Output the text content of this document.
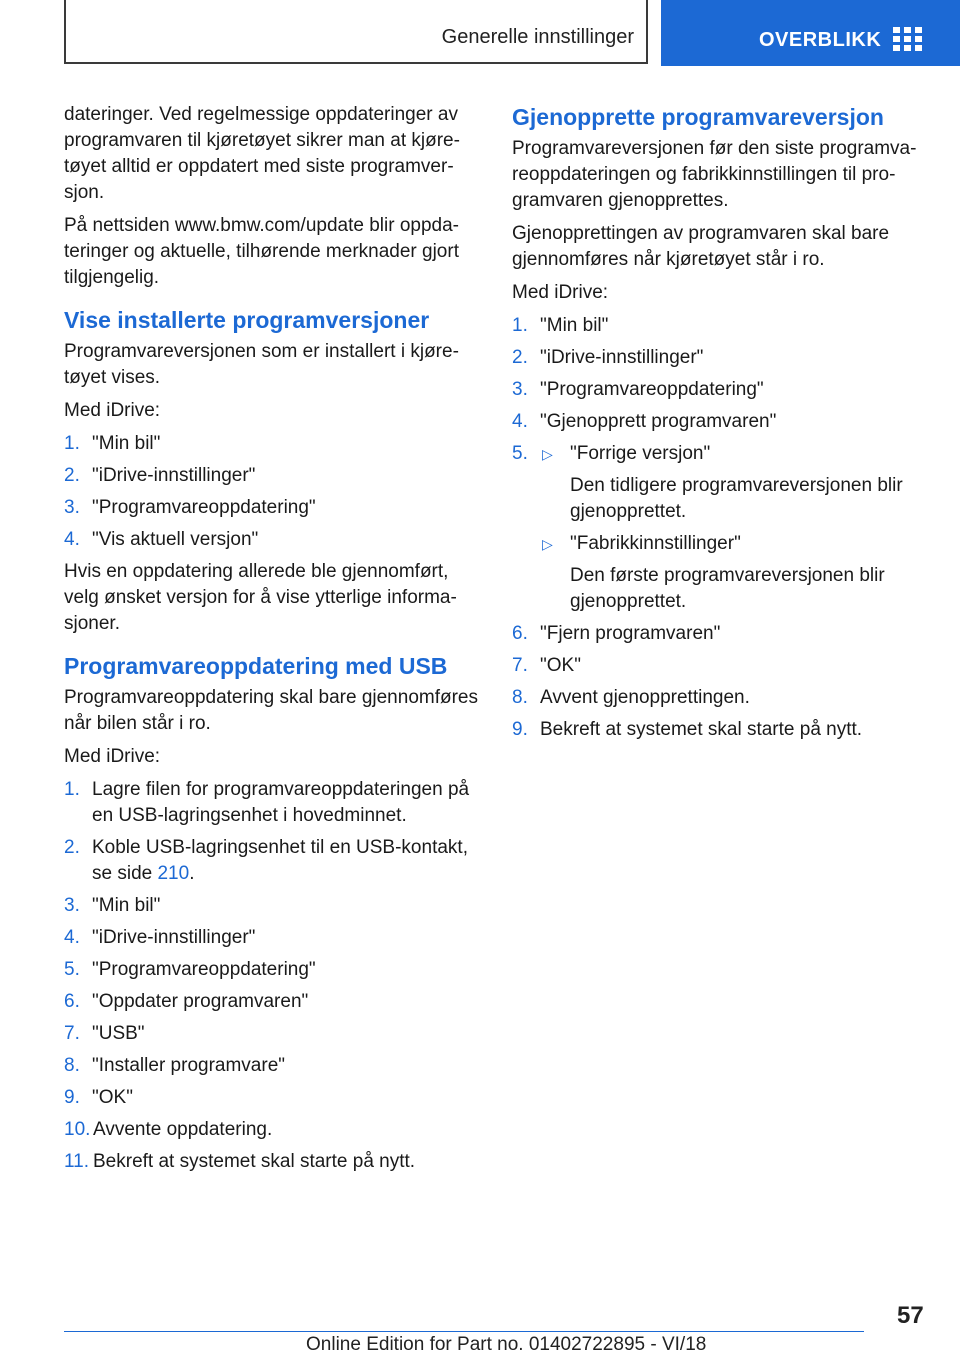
Generelle innstillinger	OVERBLIKK

dateringer. Ved regelmessige oppdateringer av programvaren til kjøretøyet sikrer man at kjøretøyet alltid er oppdatert med siste programversjon.

På nettsiden www.bmw.com/update blir oppdateringer og aktuelle, tilhørende merknader gjort tilgjengelig.

Vise installerte programversjoner

Programvareversjonen som er installert i kjøretøyet vises.

Med iDrive:

1. "Min bil"
2. "iDrive-innstillinger"
3. "Programvareoppdatering"
4. "Vis aktuell versjon"

Hvis en oppdatering allerede ble gjennomført, velg ønsket versjon for å vise ytterlige informasjoner.

Programvareoppdatering med USB

Programvareoppdatering skal bare gjennomføres når bilen står i ro.

Med iDrive:

1. Lagre filen for programvareoppdateringen på en USB-lagringsenhet i hovedminnet.
2. Koble USB-lagringsenhet til en USB-kontakt, se side 210.
3. "Min bil"
4. "iDrive-innstillinger"
5. "Programvareoppdatering"
6. "Oppdater programvaren"
7. "USB"
8. "Installer programvare"
9. "OK"
10. Avvente oppdatering.
11. Bekreft at systemet skal starte på nytt.
Gjenopprette programvareversjon

Programvareversjonen før den siste programvareoppdateringen og fabrikkinnstillingen til programvaren gjenopprettes.

Gjenopprettingen av programvaren skal bare gjennomføres når kjøretøyet står i ro.

Med iDrive:

1. "Min bil"
2. "iDrive-innstillinger"
3. "Programvareoppdatering"
4. "Gjenopprett programvaren"
5. ▷ "Forrige versjon"
Den tidligere programvareversjonen blir gjenopprettet.
▷ "Fabrikkinnstillinger"
Den første programvareversjonen blir gjenopprettet.
6. "Fjern programvaren"
7. "OK"
8. Avvent gjenopprettingen.
9. Bekreft at systemet skal starte på nytt.
57
Online Edition for Part no. 01402722895 - VI/18
